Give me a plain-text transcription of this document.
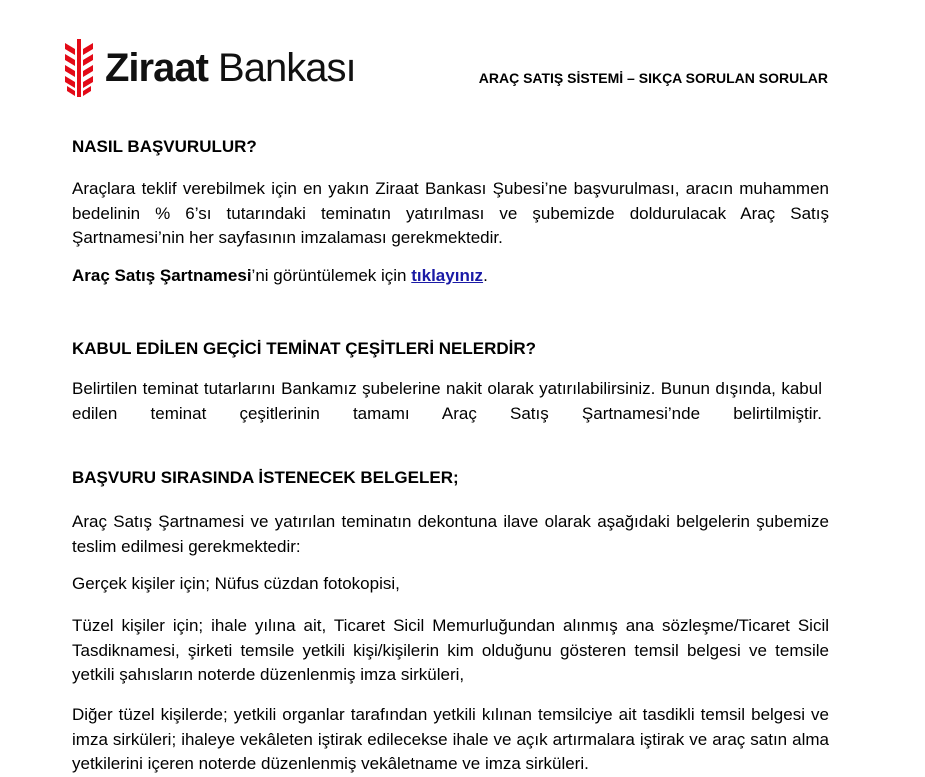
Ziraat Bankası	ARAÇ SATIŞ SİSTEMİ – SIKÇA SORULAN SORULAR
NASIL BAŞVURULUR?
Araçlara teklif verebilmek için en yakın Ziraat Bankası Şubesi’ne başvurulması, aracın muhammen bedelinin % 6’sı tutarındaki teminatın yatırılması ve şubemizde doldurulacak Araç Satış Şartnamesi’nin her sayfasının imzalaması gerekmektedir.
Araç Satış Şartnamesi’ni görüntülemek için tıklayınız.
KABUL EDİLEN GEÇİCİ TEMİNAT ÇEŞİTLERİ NELERDİR?
Belirtilen teminat tutarlarını Bankamız şubelerine nakit olarak yatırılabilirsiniz. Bunun dışında, kabul edilen teminat çeşitlerinin tamamı Araç Satış Şartnamesi’nde belirtilmiştir.
BAŞVURU SIRASINDA İSTENECEK BELGELER;
Araç Satış Şartnamesi ve yatırılan teminatın dekontuna ilave olarak aşağıdaki belgelerin şubemize teslim edilmesi gerekmektedir:
Gerçek kişiler için; Nüfus cüzdan fotokopisi,
Tüzel kişiler için; ihale yılına ait, Ticaret Sicil Memurluğundan alınmış ana sözleşme/Ticaret Sicil Tasdiknamesi, şirketi temsile yetkili kişi/kişilerin kim olduğunu gösteren temsil belgesi ve temsile yetkili şahısların noterde düzenlenmiş imza sirküleri,
Diğer tüzel kişilerde; yetkili organlar tarafından yetkili kılınan temsilciye ait tasdikli temsil belgesi ve imza sirküleri; ihaleye vekâleten iştirak edilecekse ihale ve açık artırmalara iştirak ve araç satın alma yetkilerini içeren noterde düzenlenmiş vekâletname ve imza sirküleri.
